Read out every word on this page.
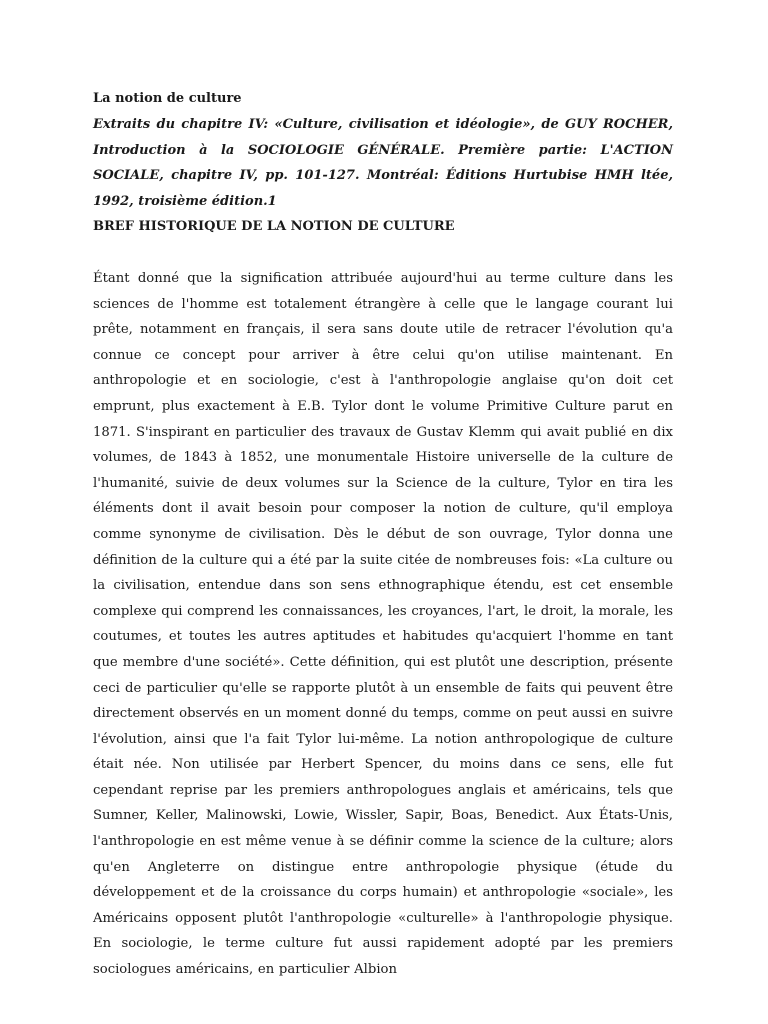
La notion de culture

Extraits du chapitre IV: «Culture, civilisation et idéologie», de GUY ROCHER, Introduction à la SOCIOLOGIE GÉNÉRALE. Première partie: L'ACTION SOCIALE, chapitre IV, pp. 101-127. Montréal: Éditions Hurtubise HMH ltée, 1992, troisième édition.1

BREF HISTORIQUE DE LA NOTION DE CULTURE

Étant donné que la signification attribuée aujourd'hui au terme culture dans les sciences de l'homme est totalement étrangère à celle que le langage courant lui prête, notamment en français, il sera sans doute utile de retracer l'évolution qu'a connue ce concept pour arriver à être celui qu'on utilise maintenant. En anthropologie et en sociologie, c'est à l'anthropologie anglaise qu'on doit cet emprunt, plus exactement à E.B. Tylor dont le volume Primitive Culture parut en 1871. S'inspirant en particulier des travaux de Gustav Klemm qui avait publié en dix volumes, de 1843 à 1852, une monumentale Histoire universelle de la culture de l'humanité, suivie de deux volumes sur la Science de la culture, Tylor en tira les éléments dont il avait besoin pour composer la notion de culture, qu'il employa comme synonyme de civilisation. Dès le début de son ouvrage, Tylor donna une définition de la culture qui a été par la suite citée de nombreuses fois: «La culture ou la civilisation, entendue dans son sens ethnographique étendu, est cet ensemble complexe qui comprend les connaissances, les croyances, l'art, le droit, la morale, les coutumes, et toutes les autres aptitudes et habitudes qu'acquiert l'homme en tant que membre d'une société». Cette définition, qui est plutôt une description, présente ceci de particulier qu'elle se rapporte plutôt à un ensemble de faits qui peuvent être directement observés en un moment donné du temps, comme on peut aussi en suivre l'évolution, ainsi que l'a fait Tylor lui-même. La notion anthropologique de culture était née. Non utilisée par Herbert Spencer, du moins dans ce sens, elle fut cependant reprise par les premiers anthropologues anglais et américains, tels que Sumner, Keller, Malinowski, Lowie, Wissler, Sapir, Boas, Benedict. Aux États-Unis, l'anthropologie en est même venue à se définir comme la science de la culture; alors qu'en Angleterre on distingue entre anthropologie physique (étude du développement et de la croissance du corps humain) et anthropologie «sociale», les Américains opposent plutôt l'anthropologie «culturelle» à l'anthropologie physique. En sociologie, le terme culture fut aussi rapidement adopté par les premiers sociologues américains, en particulier Albion
